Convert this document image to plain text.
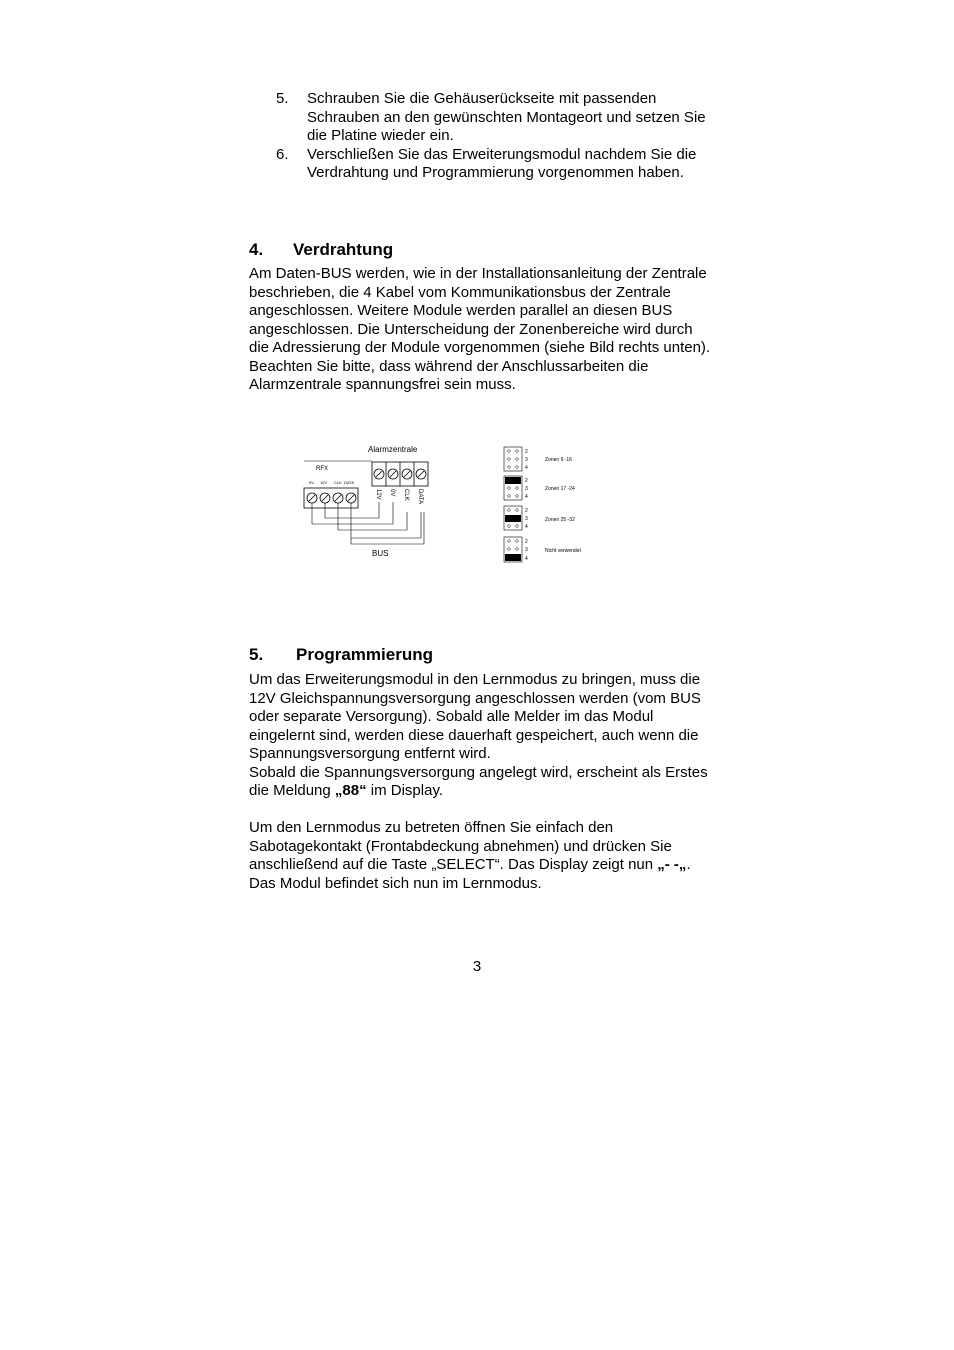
5.	Schrauben Sie die Gehäuserückseite mit passenden Schrauben an den gewünschten Montageort und setzen Sie die Platine wieder ein.
6.	Verschließen Sie das Erweiterungsmodul nachdem Sie die Verdrahtung und Programmierung vorgenommen haben.
4. Verdrahtung

Am Daten-BUS werden, wie in der Installationsanleitung der Zentrale beschrieben, die 4 Kabel vom Kommunikationsbus der Zentrale angeschlossen. Weitere Module werden parallel an diesen BUS angeschlossen. Die Unterscheidung der Zonenbereiche wird durch die Adressierung der Module vorgenommen (siehe Bild rechts unten). Beachten Sie bitte, dass während der Anschlussarbeiten die Alarmzentrale spannungsfrei sein muss.

Alarmzentrale
RFX
0V 12V CLK DATA
12V 0V CLK DATA
BUS
2
3
4
Zonen 9 -16
2
3
4
Zonen 17 -24
2
3
4
Zonen 25 -32
2
3
4
Nicht verwendet
5. Programmierung

Um das Erweiterungsmodul in den Lernmodus zu bringen, muss die 12V Gleichspannungsversorgung angeschlossen werden (vom BUS oder separate Versorgung). Sobald alle Melder im das Modul eingelernt sind, werden diese dauerhaft gespeichert, auch wenn die Spannungsversorgung entfernt wird.

Sobald die Spannungsversorgung angelegt wird, erscheint als Erstes die Meldung „88“ im Display.

Um den Lernmodus zu betreten öffnen Sie einfach den Sabotagekontakt (Frontabdeckung abnehmen) und drücken Sie anschließend auf die Taste „SELECT“. Das Display zeigt nun „- -„. Das Modul befindet sich nun im Lernmodus.

3
